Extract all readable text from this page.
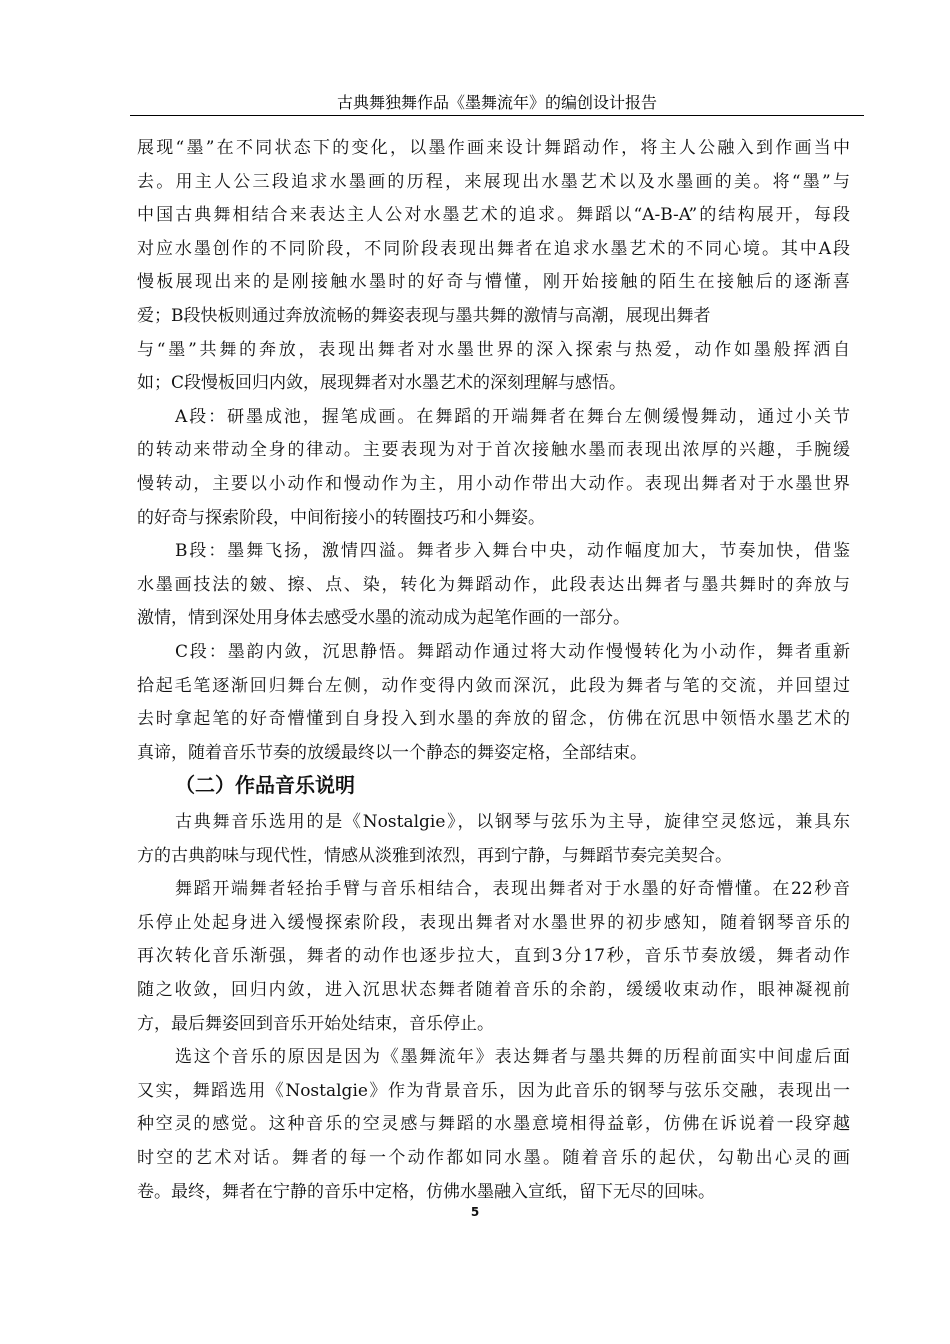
古典舞独舞作品《墨舞流年》的编创设计报告
展现“墨”在不同状态下的变化，以墨作画来设计舞蹈动作，将主人公融入到作画当中
去。用主人公三段追求水墨画的历程，来展现出水墨艺术以及水墨画的美。将“墨”与
中国古典舞相结合来表达主人公对水墨艺术的追求。舞蹈以“A-B-A”的结构展开，每段
对应水墨创作的不同阶段，不同阶段表现出舞者在追求水墨艺术的不同心境。其中A段
慢板展现出来的是刚接触水墨时的好奇与懵懂，刚开始接触的陌生在接触后的逐渐喜
爱；B段快板则通过奔放流畅的舞姿表现与墨共舞的激情与高潮，展现出舞者
与“墨”共舞的奔放，表现出舞者对水墨世界的深入探索与热爱，动作如墨般挥洒自
如；C段慢板回归内敛，展现舞者对水墨艺术的深刻理解与感悟。
A段：研墨成池，握笔成画。在舞蹈的开端舞者在舞台左侧缓慢舞动，通过小关节
的转动来带动全身的律动。主要表现为对于首次接触水墨而表现出浓厚的兴趣，手腕缓
慢转动，主要以小动作和慢动作为主，用小动作带出大动作。表现出舞者对于水墨世界
的好奇与探索阶段，中间衔接小的转圈技巧和小舞姿。
B段：墨舞飞扬，激情四溢。舞者步入舞台中央，动作幅度加大，节奏加快，借鉴
水墨画技法的皴、擦、点、染，转化为舞蹈动作，此段表达出舞者与墨共舞时的奔放与
激情，情到深处用身体去感受水墨的流动成为起笔作画的一部分。
C段：墨韵内敛，沉思静悟。舞蹈动作通过将大动作慢慢转化为小动作，舞者重新
拾起毛笔逐渐回归舞台左侧，动作变得内敛而深沉，此段为舞者与笔的交流，并回望过
去时拿起笔的好奇懵懂到自身投入到水墨的奔放的留念，仿佛在沉思中领悟水墨艺术的
真谛，随着音乐节奏的放缓最终以一个静态的舞姿定格，全部结束。
（二）作品音乐说明
古典舞音乐选用的是《Nostalgie》，以钢琴与弦乐为主导，旋律空灵悠远，兼具东
方的古典韵味与现代性，情感从淡雅到浓烈，再到宁静，与舞蹈节奏完美契合。
舞蹈开端舞者轻抬手臂与音乐相结合，表现出舞者对于水墨的好奇懵懂。在22秒音
乐停止处起身进入缓慢探索阶段，表现出舞者对水墨世界的初步感知，随着钢琴音乐的
再次转化音乐渐强，舞者的动作也逐步拉大，直到3分17秒，音乐节奏放缓，舞者动作
随之收敛，回归内敛，进入沉思状态舞者随着音乐的余韵，缓缓收束动作，眼神凝视前
方，最后舞姿回到音乐开始处结束，音乐停止。
选这个音乐的原因是因为《墨舞流年》表达舞者与墨共舞的历程前面实中间虚后面
又实，舞蹈选用《Nostalgie》作为背景音乐，因为此音乐的钢琴与弦乐交融，表现出一
种空灵的感觉。这种音乐的空灵感与舞蹈的水墨意境相得益彰，仿佛在诉说着一段穿越
时空的艺术对话。舞者的每一个动作都如同水墨。随着音乐的起伏，勾勒出心灵的画
卷。最终，舞者在宁静的音乐中定格，仿佛水墨融入宣纸，留下无尽的回味。
5
